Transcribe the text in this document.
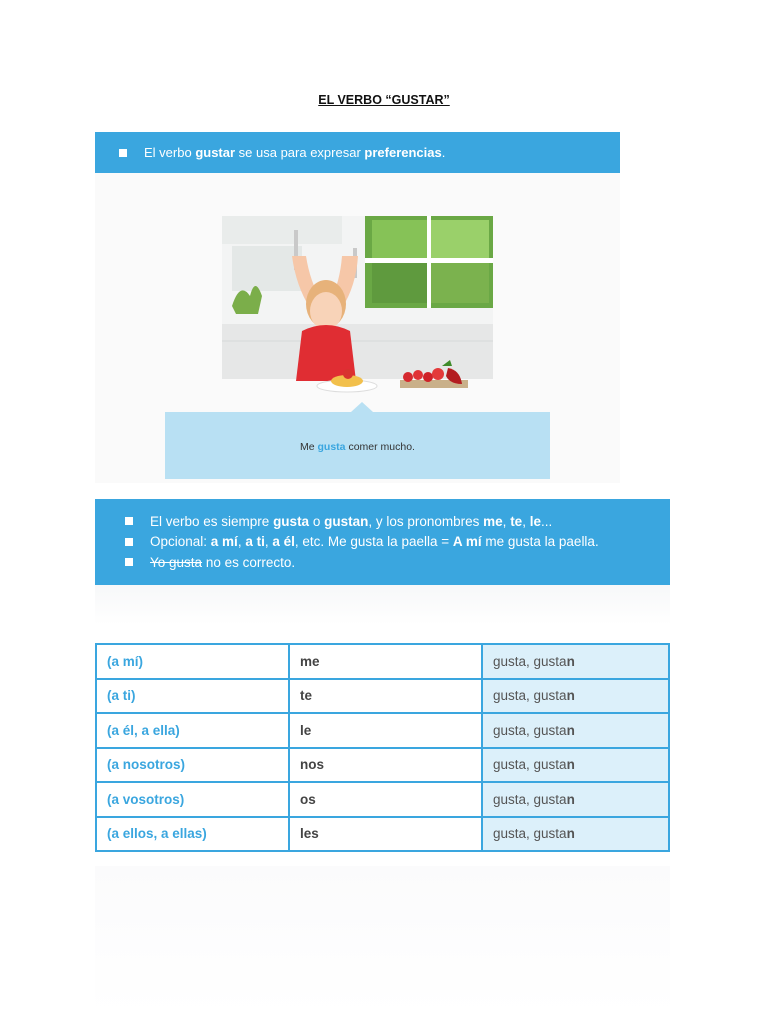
EL VERBO “GUSTAR”
El verbo gustar se usa para expresar preferencias.
Me gusta comer mucho.
El verbo es siempre gusta o gustan, y los pronombres me, te, le...
Opcional: a mí, a ti, a él, etc. Me gusta la paella = A mí me gusta la paella.
Yo gusta no es correcto.
(a mí)	me	gusta, gustan
(a ti)	te	gusta, gustan
(a él, a ella)	le	gusta, gustan
(a nosotros)	nos	gusta, gustan
(a vosotros)	os	gusta, gustan
(a ellos, a ellas)	les	gusta, gustan
